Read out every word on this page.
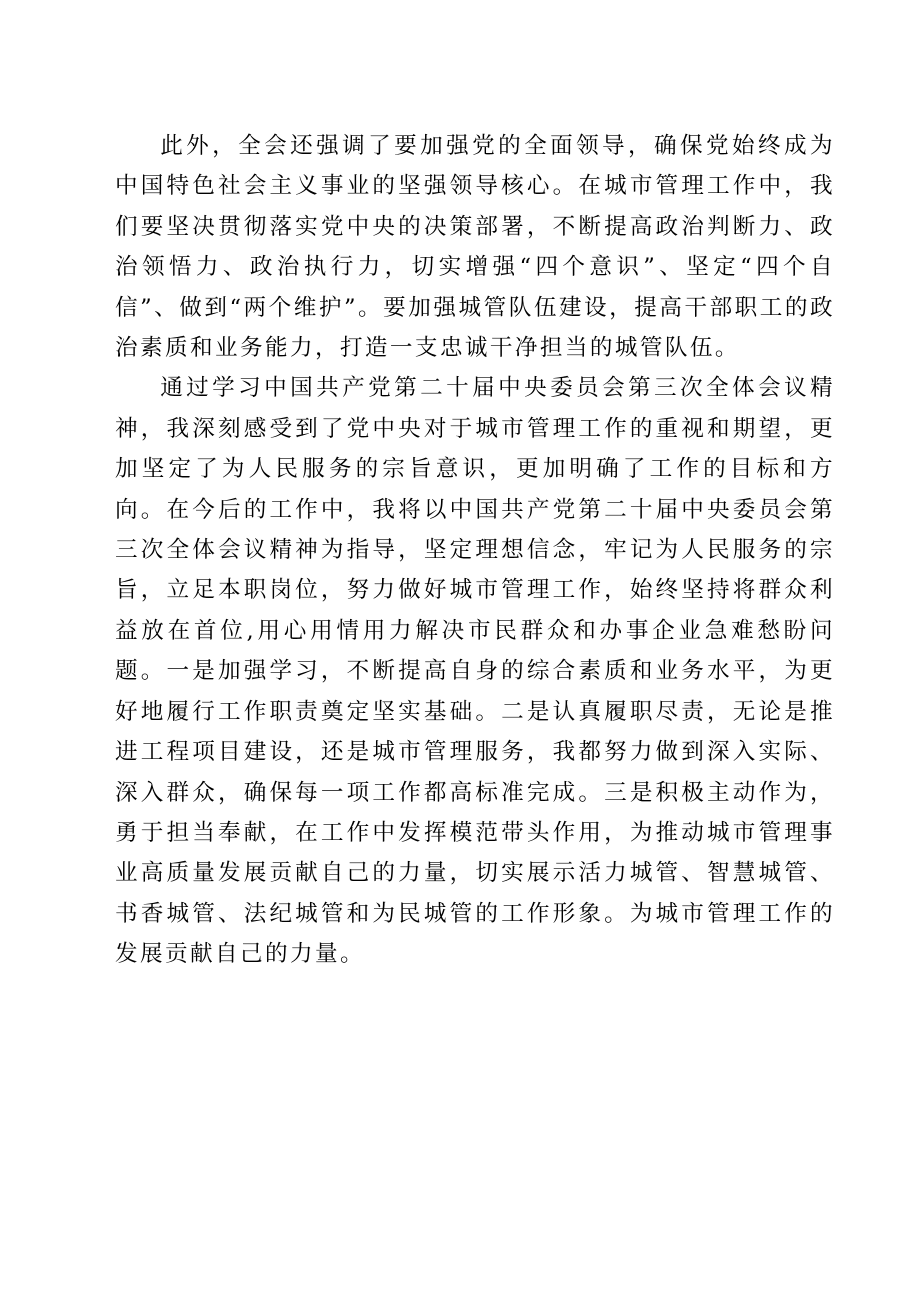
此外，全会还强调了要加强党的全面领导，确保党始终成为中国特色社会主义事业的坚强领导核心。在城市管理工作中，我们要坚决贯彻落实党中央的决策部署，不断提高政治判断力、政治领悟力、政治执行力，切实增强“四个意识”、坚定“四个自信”、做到“两个维护”。要加强城管队伍建设，提高干部职工的政治素质和业务能力，打造一支忠诚干净担当的城管队伍。

通过学习中国共产党第二十届中央委员会第三次全体会议精神，我深刻感受到了党中央对于城市管理工作的重视和期望，更加坚定了为人民服务的宗旨意识，更加明确了工作的目标和方向。在今后的工作中，我将以中国共产党第二十届中央委员会第三次全体会议精神为指导，坚定理想信念，牢记为人民服务的宗旨，立足本职岗位，努力做好城市管理工作，始终坚持将群众利益放在首位,用心用情用力解决市民群众和办事企业急难愁盼问题。一是加强学习，不断提高自身的综合素质和业务水平，为更好地履行工作职责奠定坚实基础。二是认真履职尽责，无论是推进工程项目建设，还是城市管理服务，我都努力做到深入实际、深入群众，确保每一项工作都高标准完成。三是积极主动作为，勇于担当奉献，在工作中发挥模范带头作用，为推动城市管理事业高质量发展贡献自己的力量，切实展示活力城管、智慧城管、书香城管、法纪城管和为民城管的工作形象。为城市管理工作的发展贡献自己的力量。
